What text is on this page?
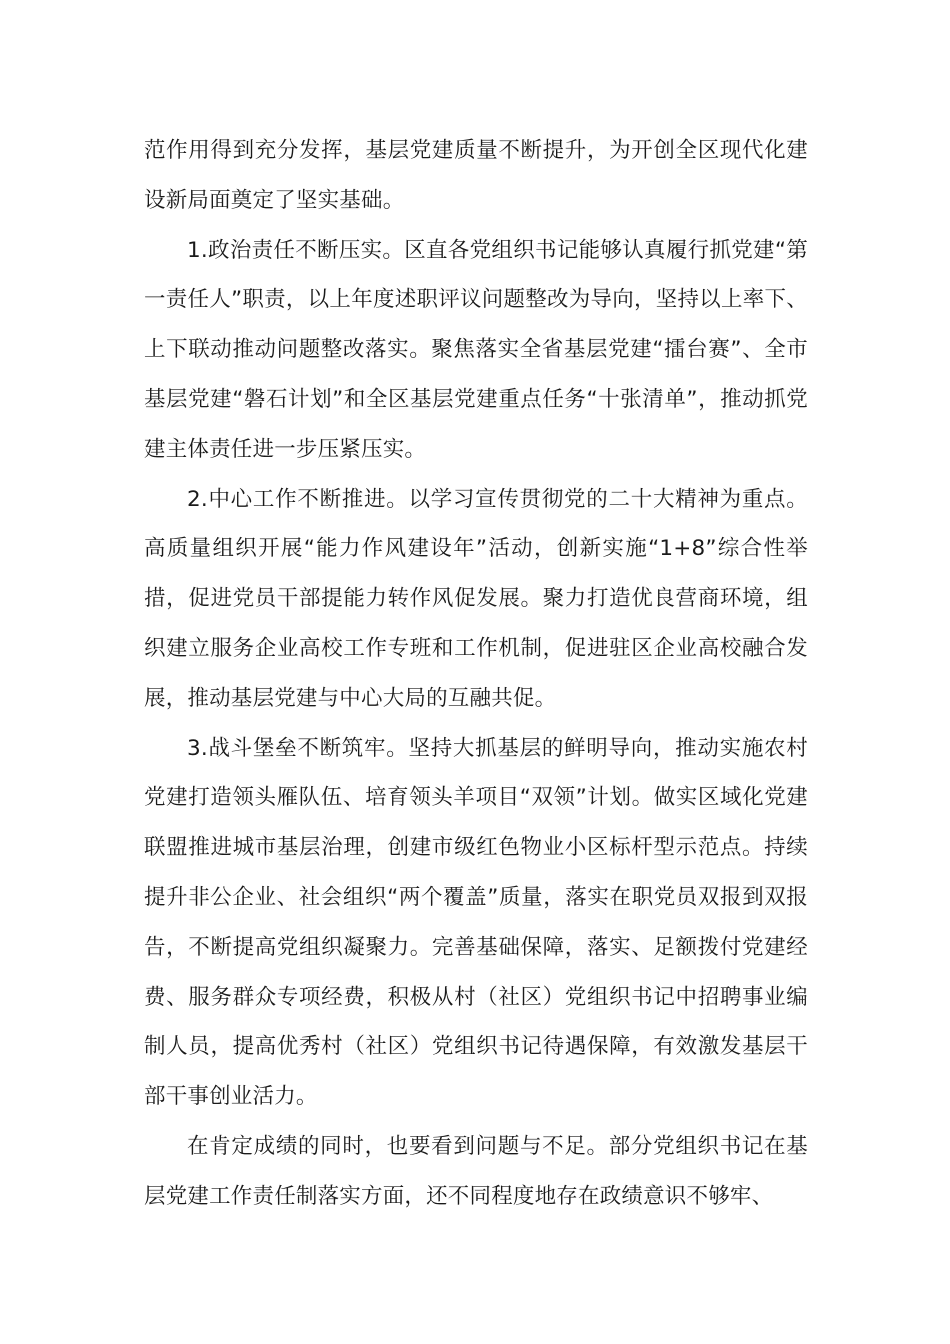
范作用得到充分发挥，基层党建质量不断提升，为开创全区现代化建设新局面奠定了坚实基础。

1.政治责任不断压实。区直各党组织书记能够认真履行抓党建“第一责任人”职责，以上年度述职评议问题整改为导向，坚持以上率下、上下联动推动问题整改落实。聚焦落实全省基层党建“擂台赛”、全市基层党建“磐石计划”和全区基层党建重点任务“十张清单”，推动抓党建主体责任进一步压紧压实。

2.中心工作不断推进。以学习宣传贯彻党的二十大精神为重点。高质量组织开展“能力作风建设年”活动，创新实施“1+8”综合性举措，促进党员干部提能力转作风促发展。聚力打造优良营商环境，组织建立服务企业高校工作专班和工作机制，促进驻区企业高校融合发展，推动基层党建与中心大局的互融共促。

3.战斗堡垒不断筑牢。坚持大抓基层的鲜明导向，推动实施农村党建打造领头雁队伍、培育领头羊项目“双领”计划。做实区域化党建联盟推进城市基层治理，创建市级红色物业小区标杆型示范点。持续提升非公企业、社会组织“两个覆盖”质量，落实在职党员双报到双报告，不断提高党组织凝聚力。完善基础保障，落实、足额拨付党建经费、服务群众专项经费，积极从村（社区）党组织书记中招聘事业编制人员，提高优秀村（社区）党组织书记待遇保障，有效激发基层干部干事创业活力。

在肯定成绩的同时，也要看到问题与不足。部分党组织书记在基层党建工作责任制落实方面，还不同程度地存在政绩意识不够牢、
